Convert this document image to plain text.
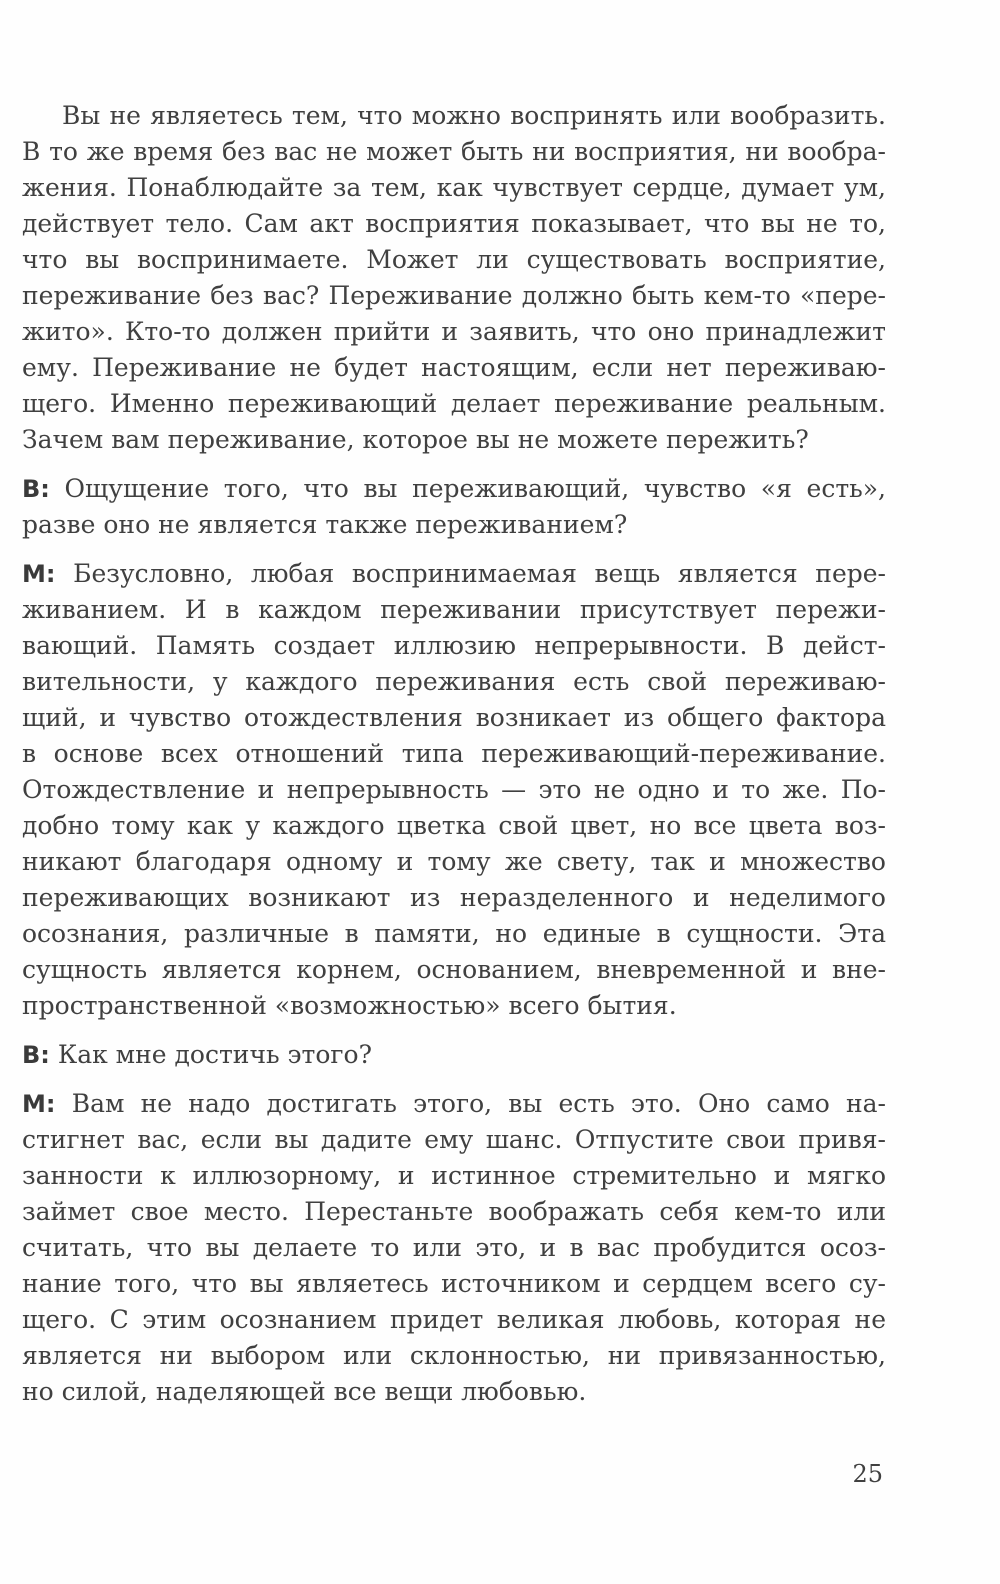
Вы не являетесь тем, что можно воспринять или вообразить.
В то же время без вас не может быть ни восприятия, ни вообра-
жения. Понаблюдайте за тем, как чувствует сердце, думает ум,
действует тело. Сам акт восприятия показывает, что вы не то,
что вы воспринимаете. Может ли существовать восприятие,
переживание без вас? Переживание должно быть кем-то «пере-
жито». Кто-то должен прийти и заявить, что оно принадлежит
ему. Переживание не будет настоящим, если нет переживаю-
щего. Именно переживающий делает переживание реальным.
Зачем вам переживание, которое вы не можете пережить?
В: Ощущение того, что вы переживающий, чувство «я есть»,
разве оно не является также переживанием?
М: Безусловно, любая воспринимаемая вещь является пере-
живанием. И в каждом переживании присутствует пережи-
вающий. Память создает иллюзию непрерывности. В дейст-
вительности, у каждого переживания есть свой переживаю-
щий, и чувство отождествления возникает из общего фактора
в основе всех отношений типа переживающий-переживание.
Отождествление и непрерывность — это не одно и то же. По-
добно тому как у каждого цветка свой цвет, но все цвета воз-
никают благодаря одному и тому же свету, так и множество
переживающих возникают из неразделенного и неделимого
осознания, различные в памяти, но единые в сущности. Эта
сущность является корнем, основанием, вневременной и вне-
пространственной «возможностью» всего бытия.
В: Как мне достичь этого?
М: Вам не надо достигать этого, вы есть это. Оно само на-
стигнет вас, если вы дадите ему шанс. Отпустите свои привя-
занности к иллюзорному, и истинное стремительно и мягко
займет свое место. Перестаньте воображать себя кем-то или
считать, что вы делаете то или это, и в вас пробудится осоз-
нание того, что вы являетесь источником и сердцем всего су-
щего. С этим осознанием придет великая любовь, которая не
является ни выбором или склонностью, ни привязанностью,
но силой, наделяющей все вещи любовью.
25
